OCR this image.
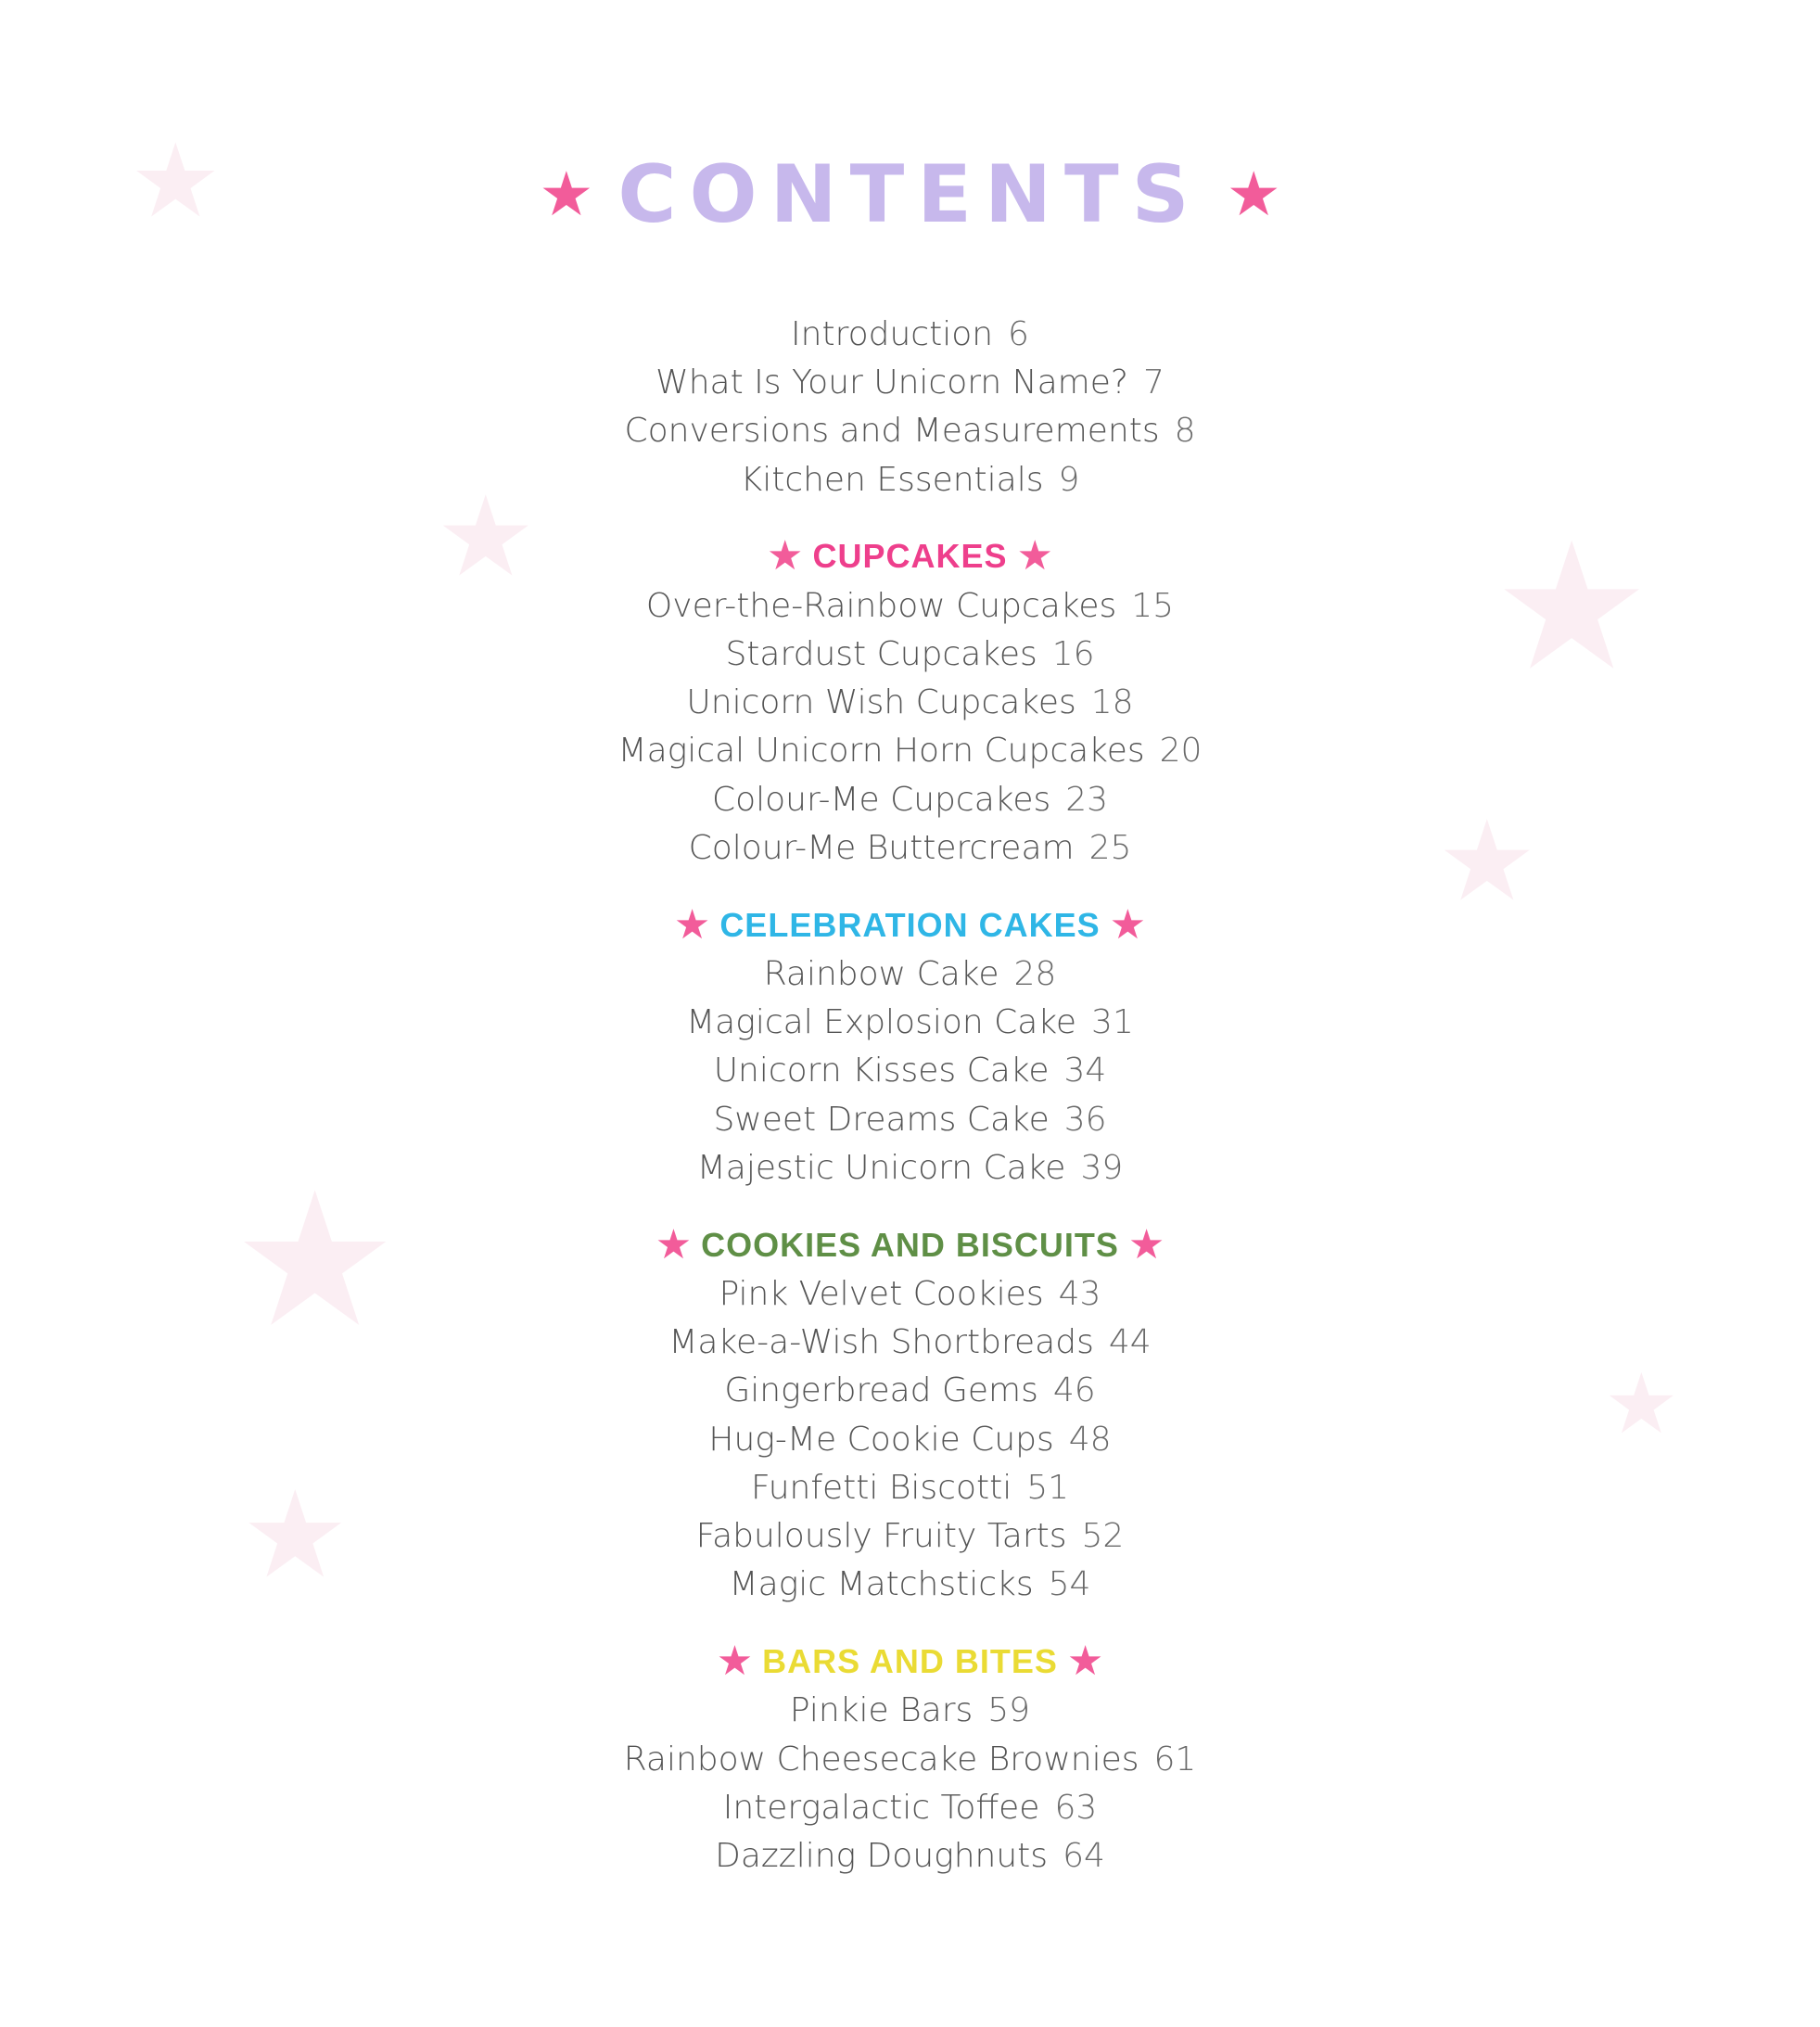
★
★	★
★
★
★
★
★ CONTENTS ★
Introduction 6
What Is Your Unicorn Name? 7
Conversions and Measurements 8
Kitchen Essentials 9
★ CUPCAKES ★
Over-the-Rainbow Cupcakes 15
Stardust Cupcakes 16
Unicorn Wish Cupcakes 18
Magical Unicorn Horn Cupcakes 20
Colour-Me Cupcakes 23
Colour-Me Buttercream 25
★ CELEBRATION CAKES ★
Rainbow Cake 28
Magical Explosion Cake 31
Unicorn Kisses Cake 34
Sweet Dreams Cake 36
Majestic Unicorn Cake 39
★ COOKIES AND BISCUITS ★
Pink Velvet Cookies 43
Make-a-Wish Shortbreads 44
Gingerbread Gems 46
Hug-Me Cookie Cups 48
Funfetti Biscotti 51
Fabulously Fruity Tarts 52
Magic Matchsticks 54
★ BARS AND BITES ★
Pinkie Bars 59
Rainbow Cheesecake Brownies 61
Intergalactic Toffee 63
Dazzling Doughnuts 64
